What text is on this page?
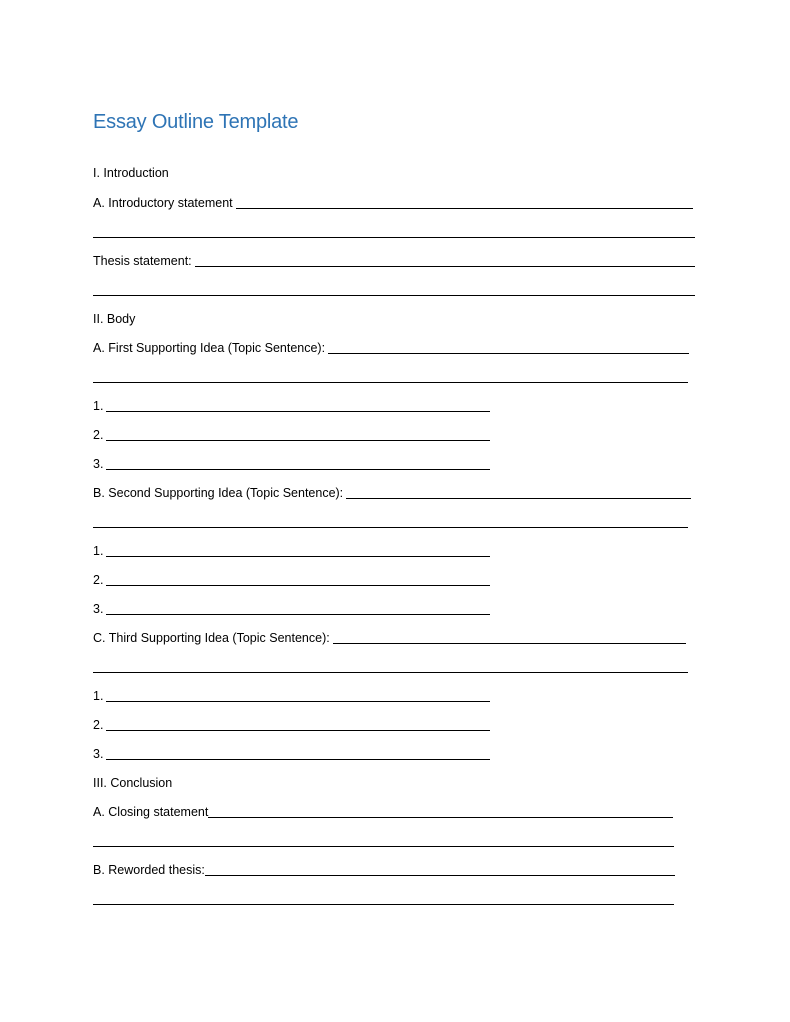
Essay Outline Template
I. Introduction
A. Introductory statement
Thesis statement:
II. Body
A. First Supporting Idea (Topic Sentence):
1.
2.
3.
B. Second Supporting Idea (Topic Sentence):
1.
2.
3.
C. Third Supporting Idea (Topic Sentence):
1.
2.
3.
III. Conclusion
A. Closing statement
B. Reworded thesis:
